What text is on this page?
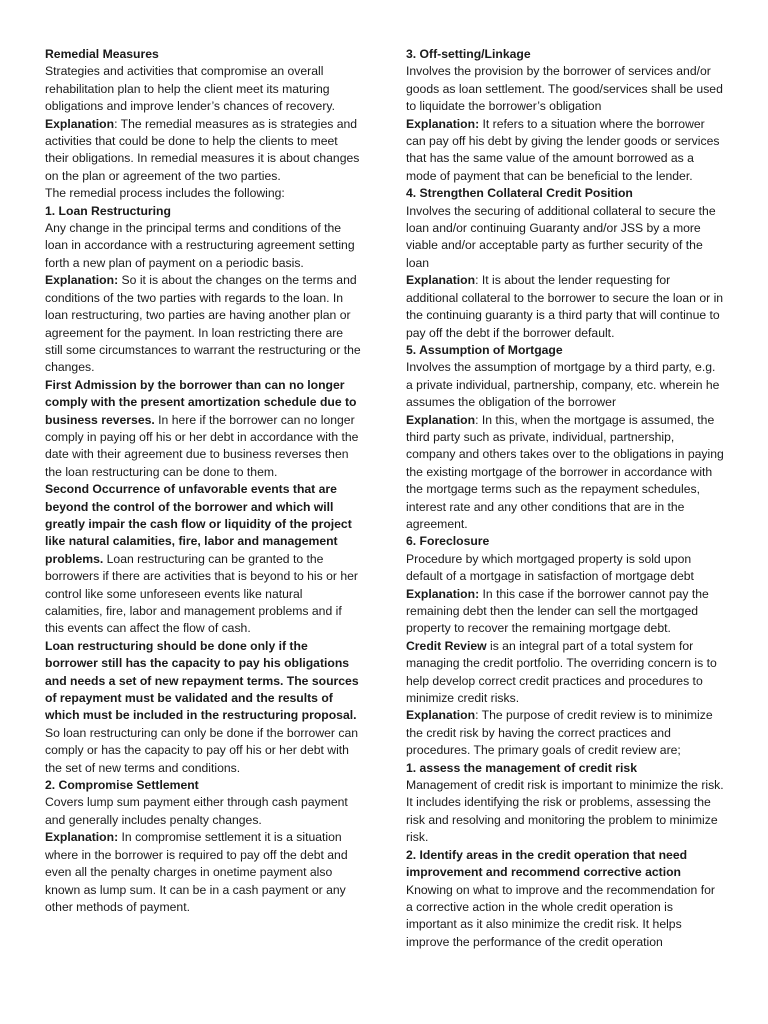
Remedial Measures

Strategies and activities that compromise an overall rehabilitation plan to help the client meet its maturing obligations and improve lender’s chances of recovery.

Explanation: The remedial measures as is strategies and activities that could be done to help the clients to meet their obligations. In remedial measures it is about changes on the plan or agreement of the two parties.

The remedial process includes the following:

1. Loan Restructuring

Any change in the principal terms and conditions of the loan in accordance with a restructuring agreement setting forth a new plan of payment on a periodic basis.

Explanation: So it is about the changes on the terms and conditions of the two parties with regards to the loan. In loan restructuring, two parties are having another plan or agreement for the payment. In loan restricting there are still some circumstances to warrant the restructuring or the changes.

First Admission by the borrower than can no longer comply with the present amortization schedule due to business reverses. In here if the borrower can no longer comply in paying off his or her debt in accordance with the date with their agreement due to business reverses then the loan restructuring can be done to them.

Second Occurrence of unfavorable events that are beyond the control of the borrower and which will greatly impair the cash flow or liquidity of the project like natural calamities, fire, labor and management problems. Loan restructuring can be granted to the borrowers if there are activities that is beyond to his or her control like some unforeseen events like natural calamities, fire, labor and management problems and if this events can affect the flow of cash.

Loan restructuring should be done only if the borrower still has the capacity to pay his obligations and needs a set of new repayment terms. The sources of repayment must be validated and the results of which must be included in the restructuring proposal.

So loan restructuring can only be done if the borrower can comply or has the capacity to pay off his or her debt with the set of new terms and conditions.

2. Compromise Settlement

Covers lump sum payment either through cash payment and generally includes penalty changes.

Explanation: In compromise settlement it is a situation where in the borrower is required to pay off the debt and even all the penalty charges in onetime payment also known as lump sum. It can be in a cash payment or any other methods of payment.

3. Off-setting/Linkage

Involves the provision by the borrower of services and/or goods as loan settlement. The good/services shall be used to liquidate the borrower’s obligation

Explanation: It refers to a situation where the borrower can pay off his debt by giving the lender goods or services that has the same value of the amount borrowed as a mode of payment that can be beneficial to the lender.

4. Strengthen Collateral Credit Position

Involves the securing of additional collateral to secure the loan and/or continuing Guaranty and/or JSS by a more viable and/or acceptable party as further security of the loan

Explanation: It is about the lender requesting for additional collateral to the borrower to secure the loan or in the continuing guaranty is a third party that will continue to pay off the debt if the borrower default.

5. Assumption of Mortgage

Involves the assumption of mortgage by a third party, e.g. a private individual, partnership, company, etc. wherein he assumes the obligation of the borrower

Explanation: In this, when the mortgage is assumed, the third party such as private, individual, partnership, company and others takes over to the obligations in paying the existing mortgage of the borrower in accordance with the mortgage terms such as the repayment schedules, interest rate and any other conditions that are in the agreement.

6. Foreclosure

Procedure by which mortgaged property is sold upon default of a mortgage in satisfaction of mortgage debt

Explanation: In this case if the borrower cannot pay the remaining debt then the lender can sell the mortgaged property to recover the remaining mortgage debt.

Credit Review is an integral part of a total system for managing the credit portfolio. The overriding concern is to help develop correct credit practices and procedures to minimize credit risks.

Explanation: The purpose of credit review is to minimize the credit risk by having the correct practices and procedures. The primary goals of credit review are;

1. assess the management of credit risk

Management of credit risk is important to minimize the risk. It includes identifying the risk or problems, assessing the risk and resolving and monitoring the problem to minimize risk.

2. Identify areas in the credit operation that need improvement and recommend corrective action

Knowing on what to improve and the recommendation for a corrective action in the whole credit operation is important as it also minimize the credit risk. It helps improve the performance of the credit operation
